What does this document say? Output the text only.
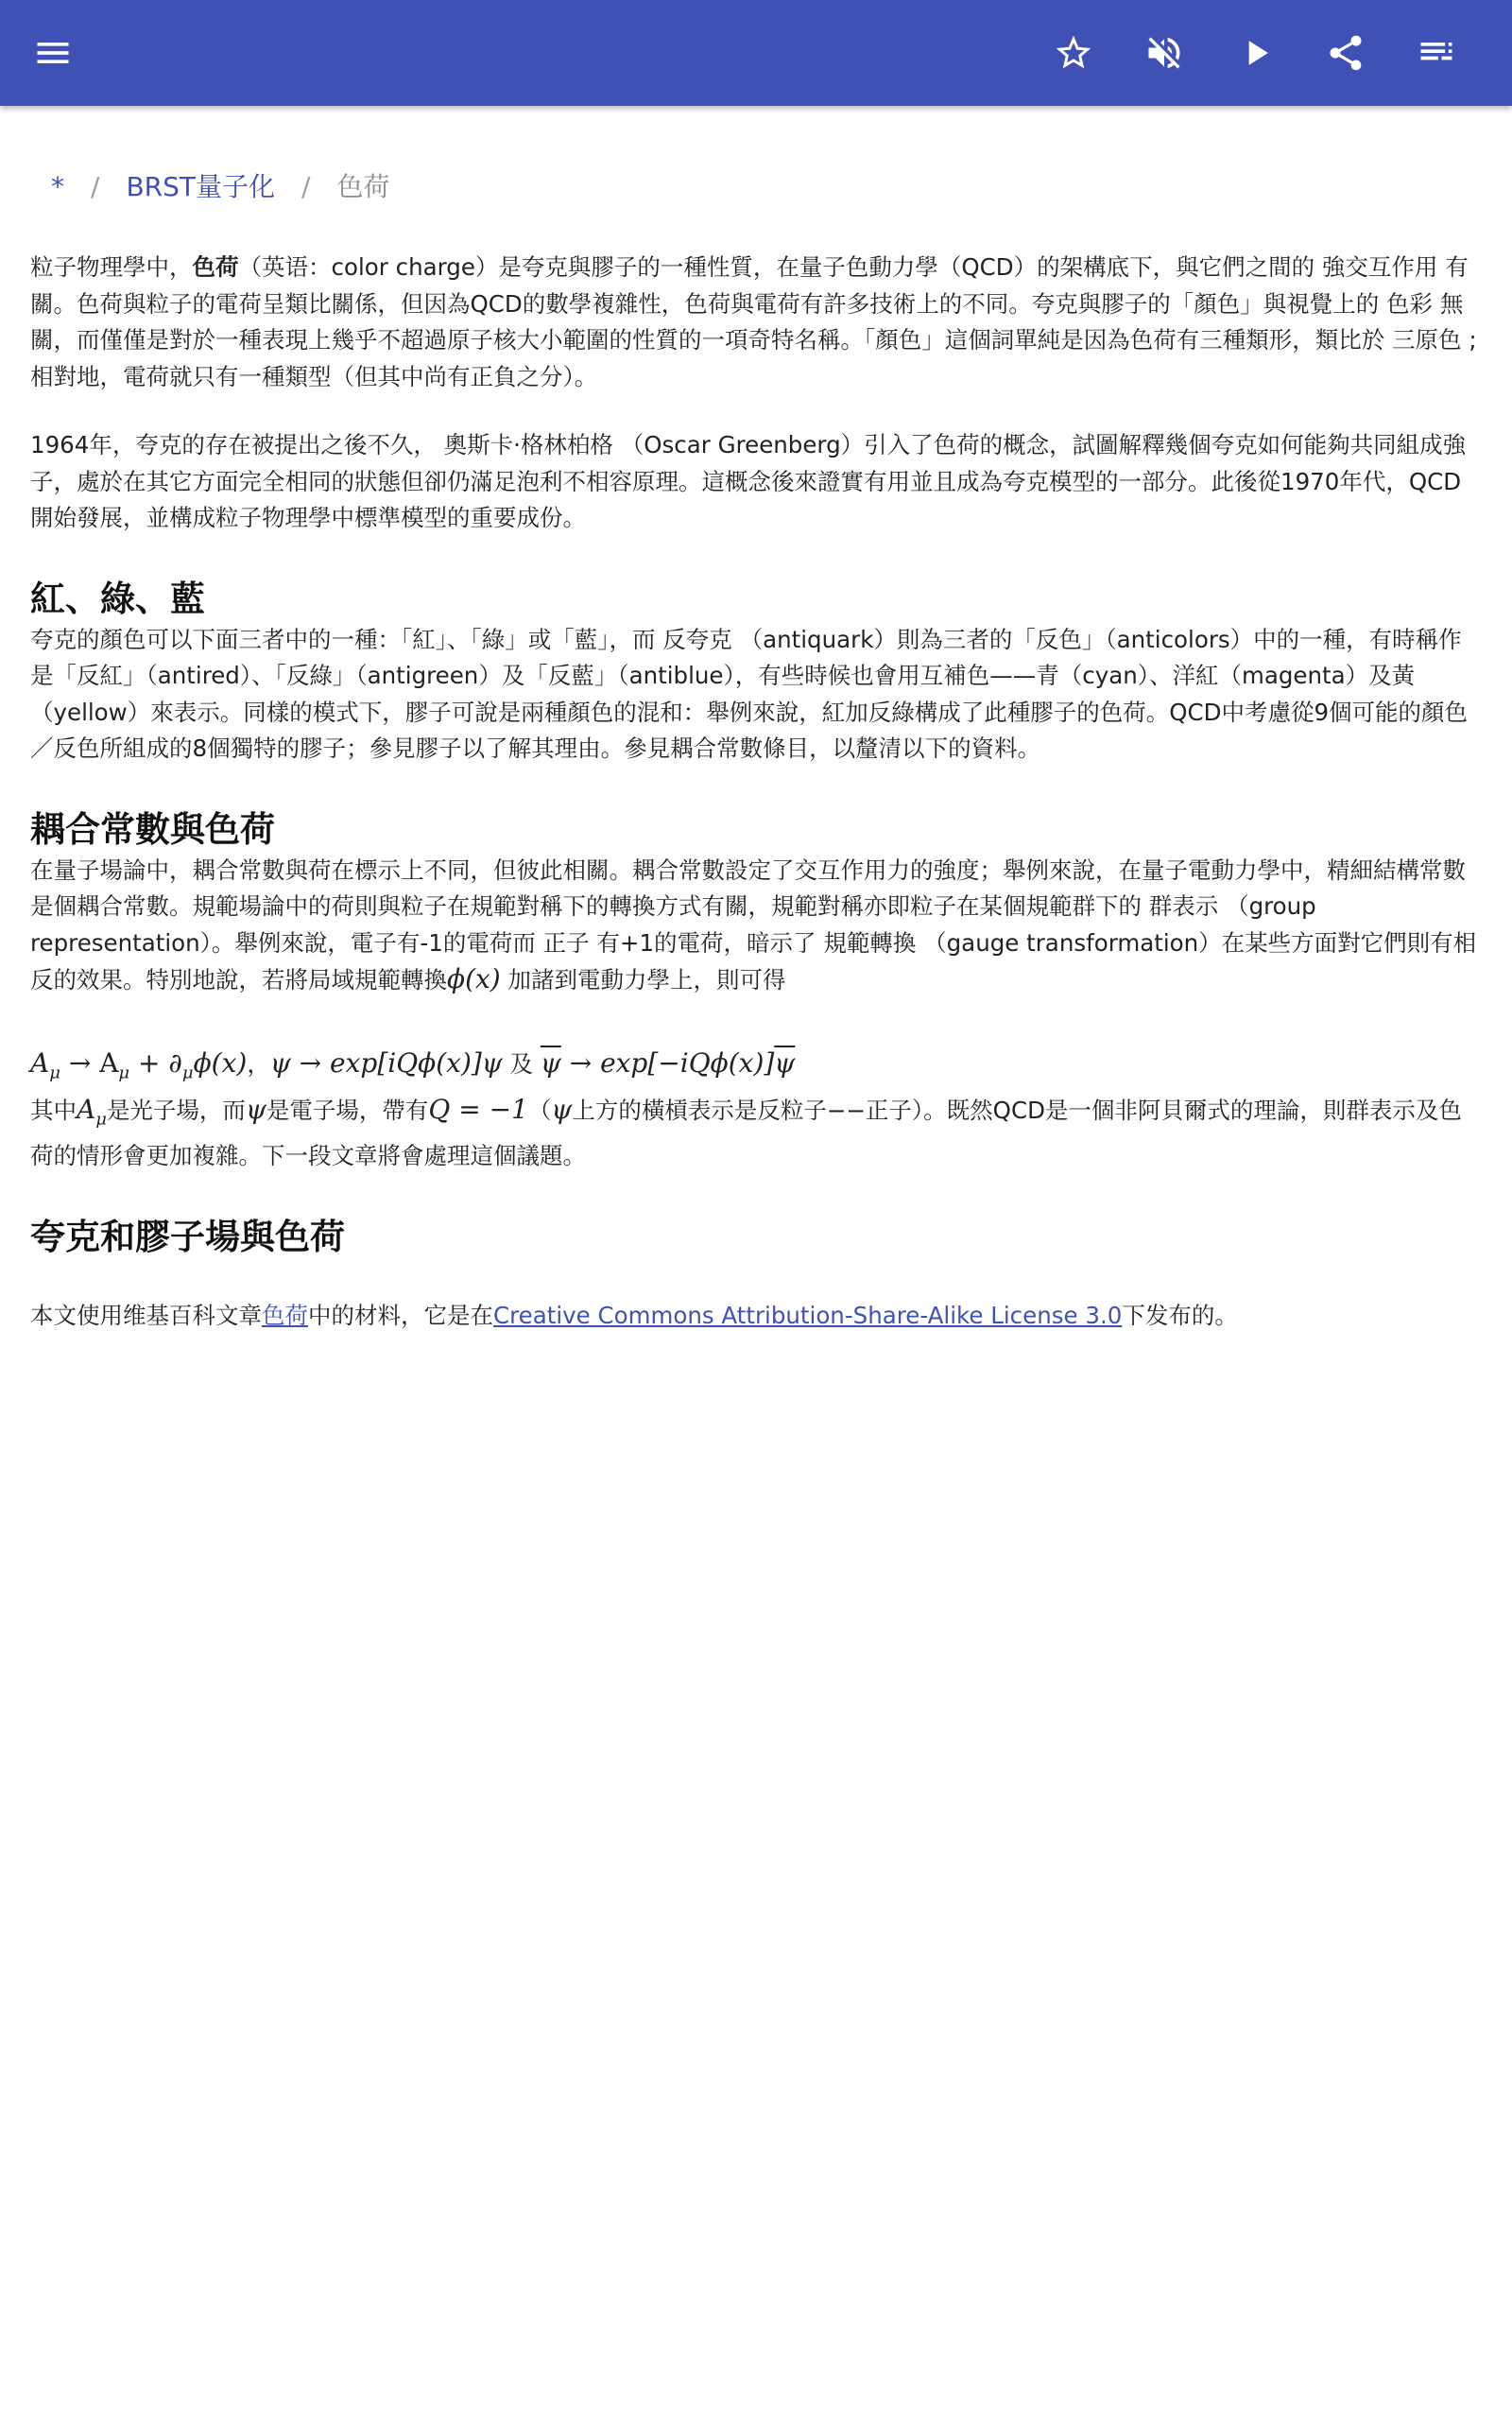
* / BRST量子化 / 色荷

粒子物理學中，色荷（英语：color charge）是夸克與膠子的一種性質，在量子色動力學（QCD）的架構底下，與它們之間的 強交互作用 有關。色荷與粒子的電荷呈類比關係，但因為QCD的數學複雜性，色荷與電荷有許多技術上的不同。夸克與膠子的「顏色」與視覺上的 色彩 無關，而僅僅是對於一種表現上幾乎不超過原子核大小範圍的性質的一項奇特名稱。「顏色」這個詞單純是因為色荷有三種類形，類比於 三原色 ; 相對地，電荷就只有一種類型（但其中尚有正負之分）。

1964年，夸克的存在被提出之後不久， 奧斯卡·格林柏格 （Oscar Greenberg）引入了色荷的概念，試圖解釋幾個夸克如何能夠共同組成強子，處於在其它方面完全相同的狀態但卻仍滿足泡利不相容原理。這概念後來證實有用並且成為夸克模型的一部分。此後從1970年代，QCD開始發展，並構成粒子物理學中標準模型的重要成份。

紅、綠、藍

夸克的顏色可以下面三者中的一種：「紅」、「綠」或「藍」，而 反夸克 （antiquark）則為三者的「反色」（anticolors）中的一種，有時稱作是「反紅」（antired）、「反綠」（antigreen）及「反藍」（antiblue），有些時候也會用互補色——青（cyan）、洋紅（magenta）及黃（yellow）來表示。同樣的模式下，膠子可說是兩種顏色的混和：舉例來說，紅加反綠構成了此種膠子的色荷。QCD中考慮從9個可能的顏色／反色所組成的8個獨特的膠子；參見膠子以了解其理由。參見耦合常數條目，以釐清以下的資料。

耦合常數與色荷

在量子場論中，耦合常數與荷在標示上不同，但彼此相關。耦合常數設定了交互作用力的強度；舉例來說，在量子電動力學中，精細結構常數是個耦合常數。規範場論中的荷則與粒子在規範對稱下的轉換方式有關，規範對稱亦即粒子在某個規範群下的 群表示 （group representation）。舉例來說，電子有-1的電荷而 正子 有+1的電荷，暗示了 規範轉換 （gauge transformation）在某些方面對它們則有相反的效果。特別地說，若將局域規範轉換ϕ(x) 加諸到電動力學上，則可得

$A_\mu \to A_\mu + \partial_\mu\phi(x)$，ψ → exp[iQϕ(x)]ψ 及 $\overline{\psi} \to \exp[-iQ\phi(x)]\overline{\psi}$

其中$A_\mu$是光子場，而ψ是電子場，帶有Q = −1（ψ上方的橫槓表示是反粒子−−正子）。既然QCD是一個非阿貝爾式的理論，則群表示及色荷的情形會更加複雜。下一段文章將會處理這個議題。

夸克和膠子場與色荷

本文使用维基百科文章色荷中的材料，它是在Creative Commons Attribution-Share-Alike License 3.0下发布的。
